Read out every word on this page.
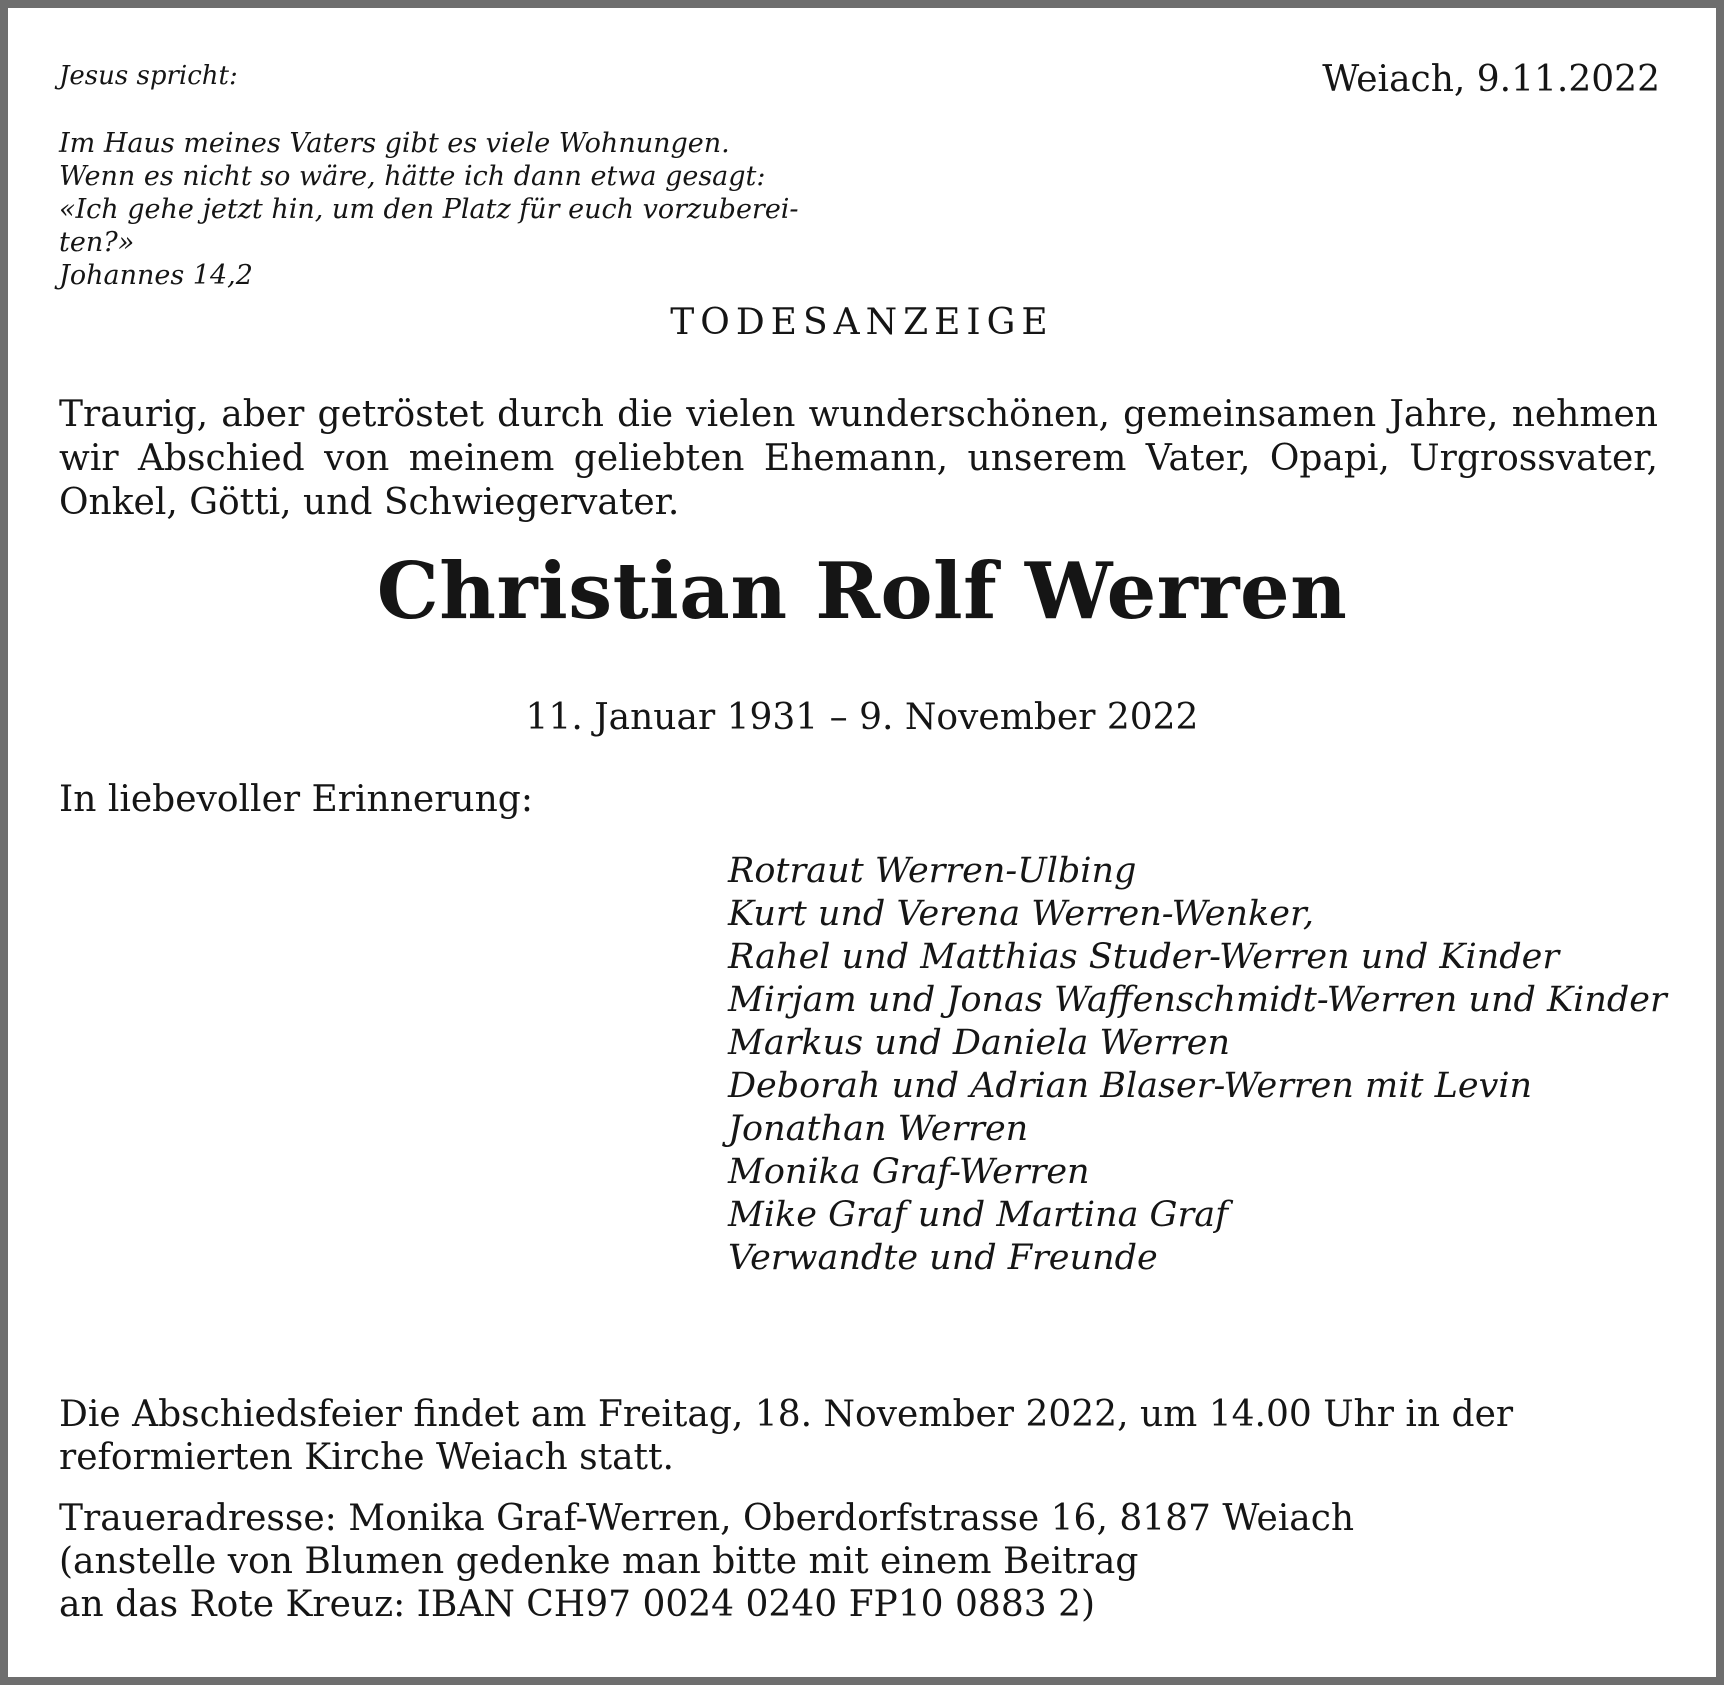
Jesus spricht:
Im Haus meines Vaters gibt es viele Wohnungen.
Wenn es nicht so wäre, hätte ich dann etwa gesagt:
«Ich gehe jetzt hin, um den Platz für euch vorzuberei-
ten?»
Johannes 14,2
Weiach, 9.11.2022
TODESANZEIGE
Traurig, aber getröstet durch die vielen wunderschönen, gemeinsamen Jahre, nehmen wir Abschied von meinem geliebten Ehemann, unserem Vater, Opapi, Urgrossvater, Onkel, Götti, und Schwiegervater.
Christian Rolf Werren
11. Januar 1931 – 9. November 2022
In liebevoller Erinnerung:
Rotraut Werren-Ulbing
Kurt und Verena Werren-Wenker,
Rahel und Matthias Studer-Werren und Kinder
Mirjam und Jonas Waffenschmidt-Werren und Kinder
Markus und Daniela Werren
Deborah und Adrian Blaser-Werren mit Levin
Jonathan Werren
Monika Graf-Werren
Mike Graf und Martina Graf
Verwandte und Freunde
Die Abschiedsfeier findet am Freitag, 18. November 2022, um 14.00 Uhr in der
reformierten Kirche Weiach statt.
Traueradresse: Monika Graf-Werren, Oberdorfstrasse 16, 8187 Weiach
(anstelle von Blumen gedenke man bitte mit einem Beitrag
an das Rote Kreuz: IBAN CH97 0024 0240 FP10 0883 2)
